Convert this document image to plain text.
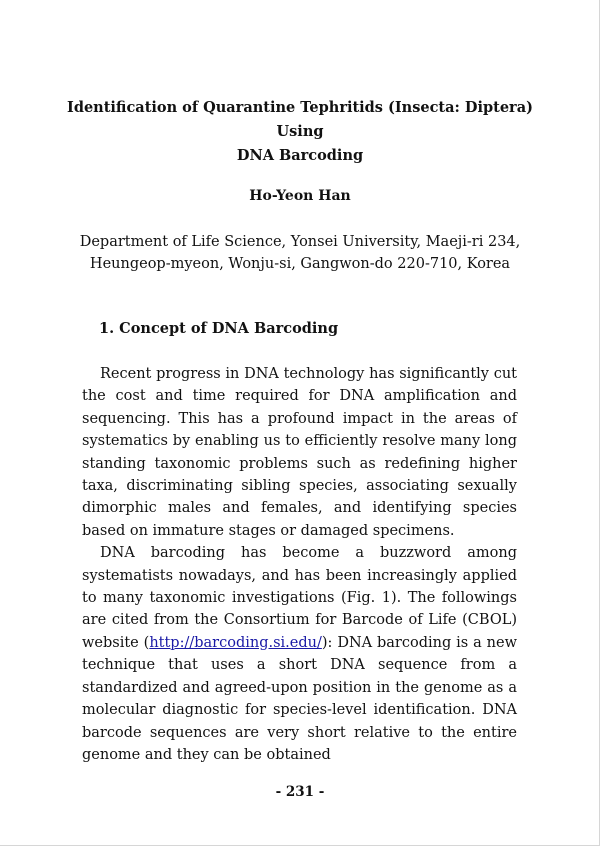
Identification of Quarantine Tephritids (Insecta: Diptera) Using
DNA Barcoding

Ho-Yeon Han

Department of Life Science, Yonsei University, Maeji-ri 234,
Heungeop-myeon, Wonju-si, Gangwon-do 220-710, Korea

1. Concept of DNA Barcoding

Recent progress in DNA technology has significantly cut the cost and time required for DNA amplification and sequencing. This has a profound impact in the areas of systematics by enabling us to efficiently resolve many long standing taxonomic problems such as redefining higher taxa, discriminating sibling species, associating sexually dimorphic males and females, and identifying species based on immature stages or damaged specimens.

DNA barcoding has become a buzzword among systematists nowadays, and has been increasingly applied to many taxonomic investigations (Fig. 1). The followings are cited from the Consortium for Barcode of Life (CBOL) website (http://barcoding.si.edu/): DNA barcoding is a new technique that uses a short DNA sequence from a standardized and agreed-upon position in the genome as a molecular diagnostic for species-level identification. DNA barcode sequences are very short relative to the entire genome and they can be obtained

- 231 -
